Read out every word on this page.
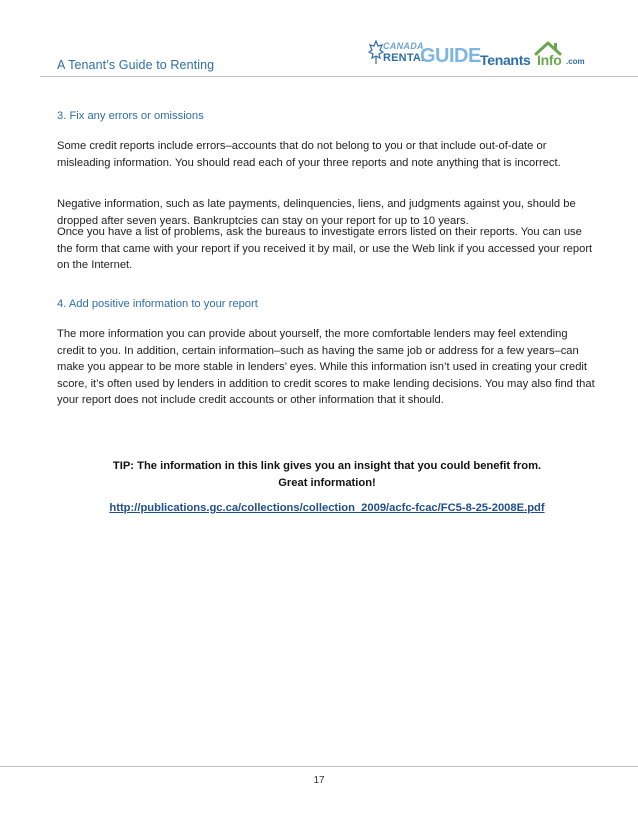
A Tenant’s Guide to Renting
CANADA
RENTAL
GUIDE Tenants Info .com
3. Fix any errors or omissions

Some credit reports include errors–accounts that do not belong to you or that include out-of-date or misleading information. You should read each of your three reports and note anything that is incorrect.

Negative information, such as late payments, delinquencies, liens, and judgments against you, should be dropped after seven years. Bankruptcies can stay on your report for up to 10 years.

Once you have a list of problems, ask the bureaus to investigate errors listed on their reports. You can use the form that came with your report if you received it by mail, or use the Web link if you accessed your report on the Internet.

4. Add positive information to your report

The more information you can provide about yourself, the more comfortable lenders may feel extending credit to you. In addition, certain information–such as having the same job or address for a few years–can make you appear to be more stable in lenders’ eyes. While this information isn’t used in creating your credit score, it’s often used by lenders in addition to credit scores to make lending decisions. You may also find that your report does not include credit accounts or other information that it should.

TIP: The information in this link gives you an insight that you could benefit from.
Great information!
http://publications.gc.ca/collections/collection_2009/acfc-fcac/FC5-8-25-2008E.pdf
17
